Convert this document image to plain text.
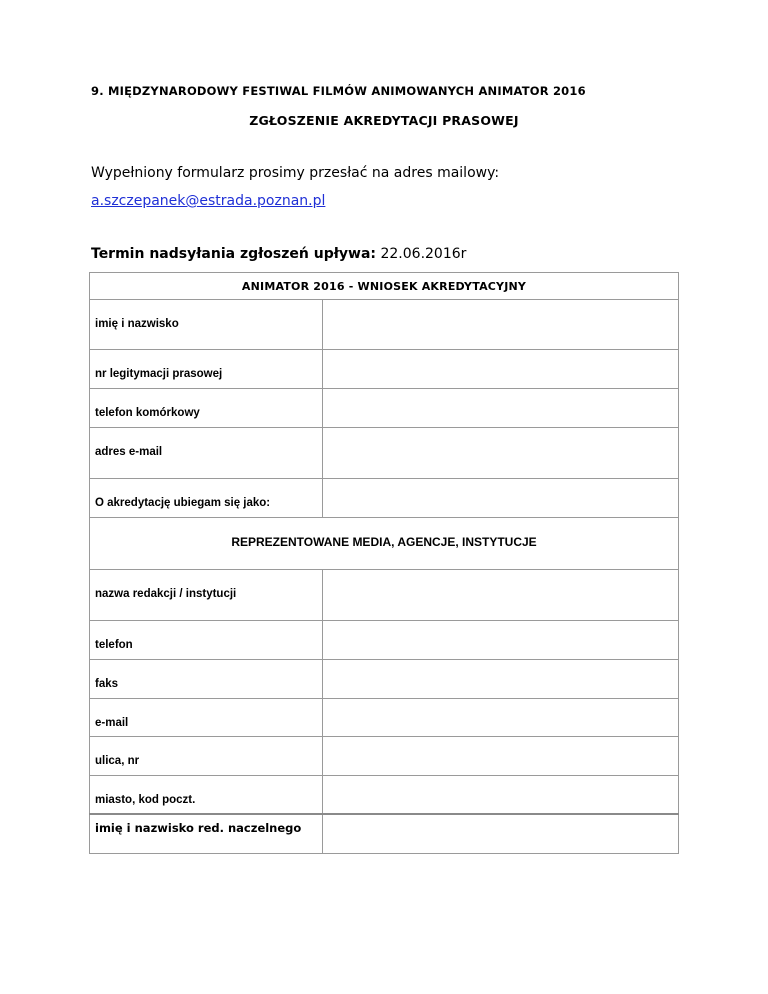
9. MIĘDZYNARODOWY FESTIWAL FILMÓW ANIMOWANYCH ANIMATOR 2016
ZGŁOSZENIE AKREDYTACJI PRASOWEJ
Wypełniony formularz prosimy przesłać na adres mailowy:
a.szczepanek@estrada.poznan.pl
Termin nadsyłania zgłoszeń upływa: 22.06.2016r
ANIMATOR 2016 - WNIOSEK AKREDYTACYJNY	

imię i nazwisko	

nr legitymacji prasowej	

telefon komórkowy	

adres e-mail	

O akredytację ubiegam się jako:	

REPREZENTOWANE MEDIA, AGENCJE, INSTYTUCJE	

nazwa redakcji / instytucji	

telefon	

faks	

e-mail	

ulica, nr	

miasto, kod poczt.	

imię i nazwisko red. naczelnego	
